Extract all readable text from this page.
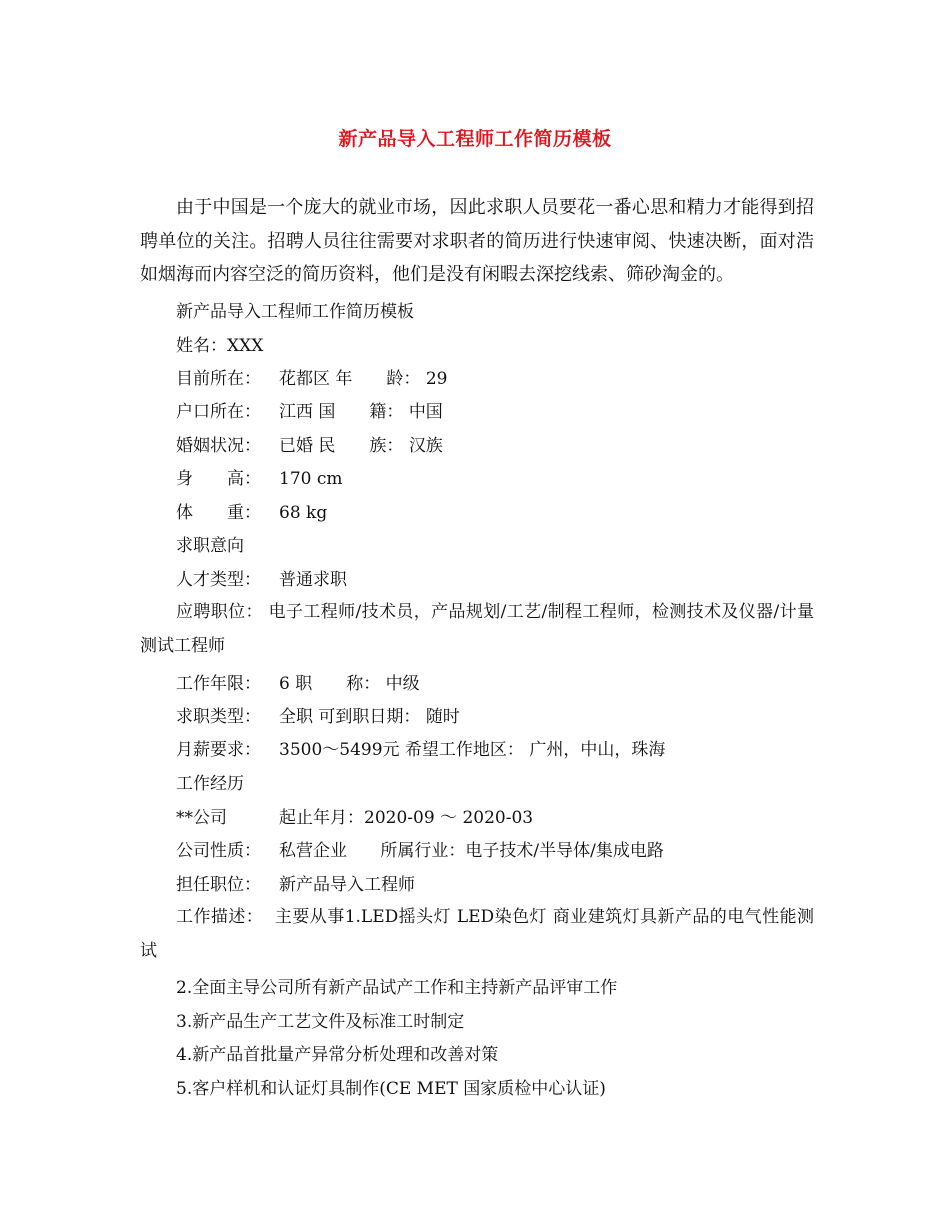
新产品导入工程师工作简历模板
由于中国是一个庞大的就业市场，因此求职人员要花一番心思和精力才能得到招聘单位的关注。招聘人员往往需要对求职者的简历进行快速审阅、快速决断，面对浩如烟海而内容空泛的简历资料，他们是没有闲暇去深挖线索、筛砂淘金的。
新产品导入工程师工作简历模板
姓名：XXX
目前所在： 花都区 年　　龄： 29
户口所在： 江西 国　　籍： 中国
婚姻状况： 已婚 民　　族： 汉族
身　　高： 170 cm
体　　重： 68 kg
求职意向
人才类型： 普通求职
应聘职位： 电子工程师/技术员，产品规划/工艺/制程工程师，检测技术及仪器/计量测试工程师
工作年限： 6 职　　称： 中级
求职类型： 全职 可到职日期： 随时
月薪要求： 3500～5499元 希望工作地区： 广州，中山，珠海
工作经历
**公司	起止年月：2020-09 ～ 2020-03
公司性质： 私营企业 所属行业：电子技术/半导体/集成电路
担任职位： 新产品导入工程师
工作描述： 主要从事1.LED摇头灯 LED染色灯 商业建筑灯具新产品的电气性能测试
2.全面主导公司所有新产品试产工作和主持新产品评审工作
3.新产品生产工艺文件及标准工时制定
4.新产品首批量产异常分析处理和改善对策
5.客户样机和认证灯具制作(CE MET 国家质检中心认证)
